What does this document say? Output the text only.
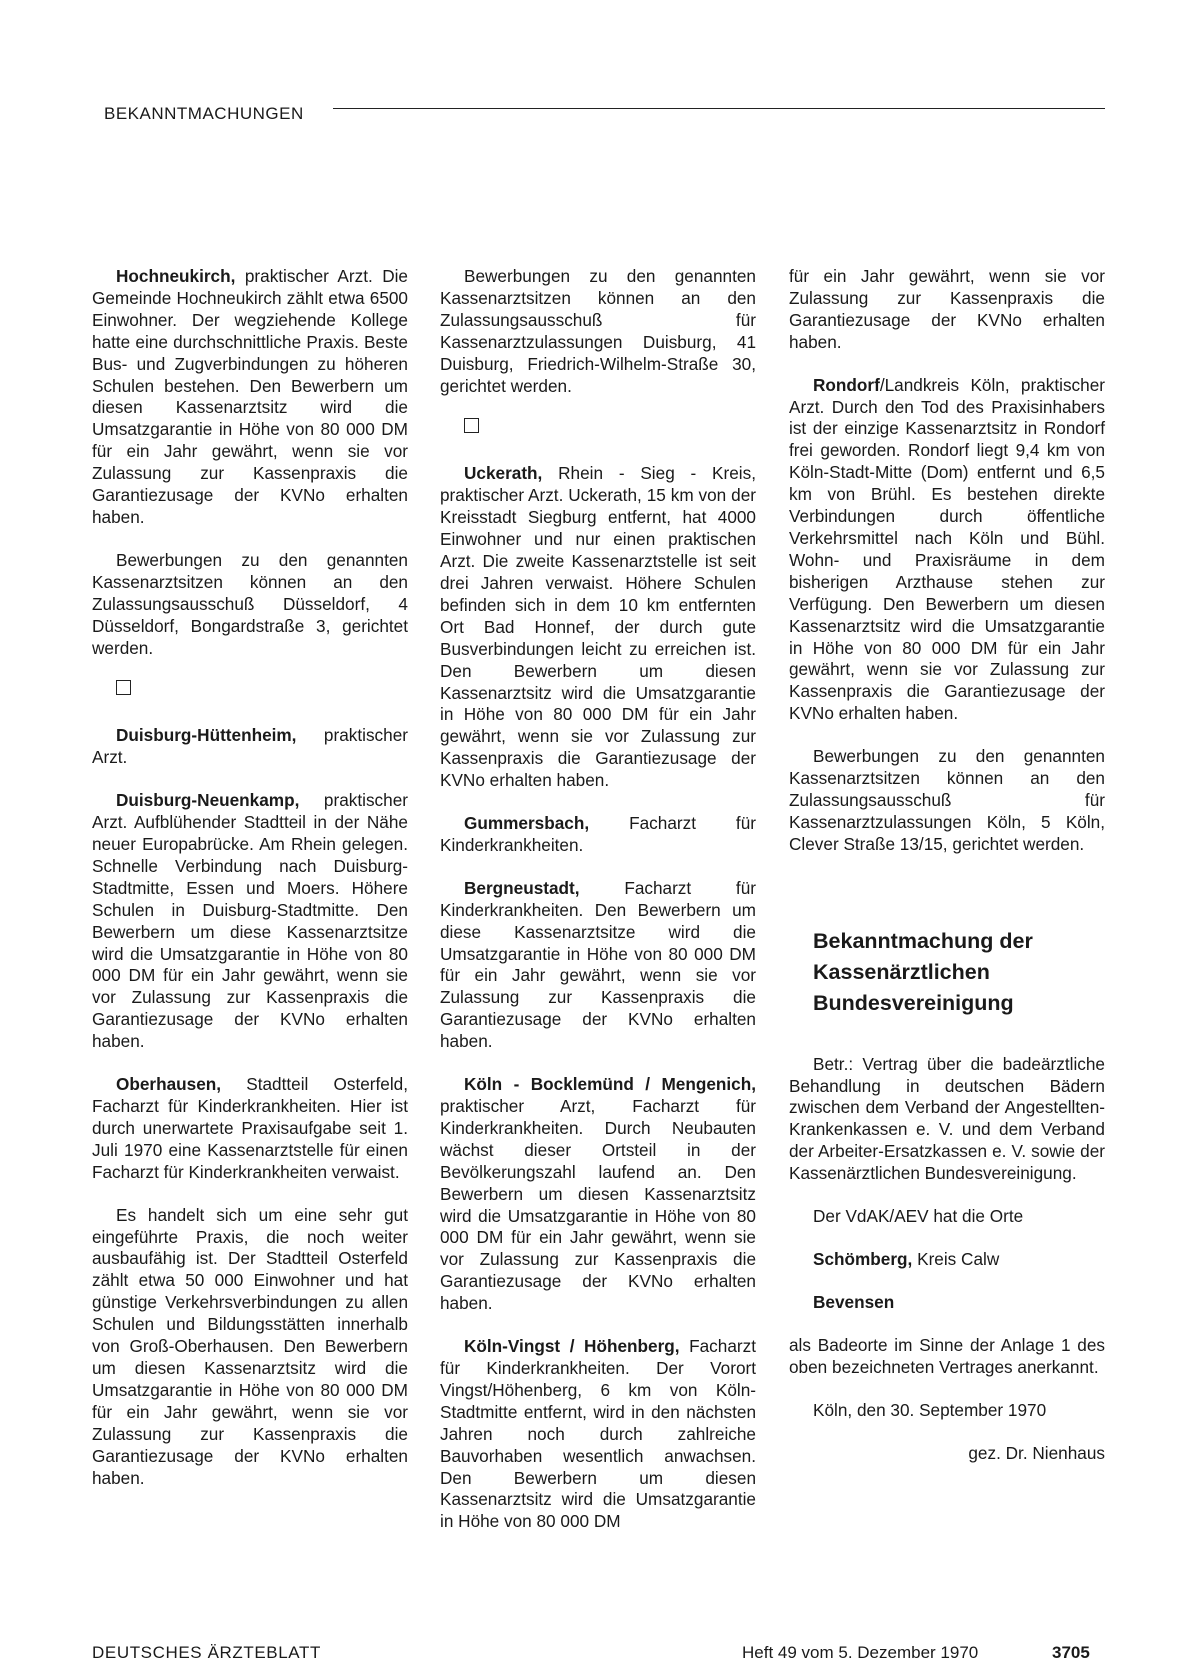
BEKANNTMACHUNGEN

Hochneukirch, praktischer Arzt. Die Gemeinde Hochneukirch zählt etwa 6500 Einwohner. Der wegziehende Kollege hatte eine durchschnittliche Praxis. Beste Bus- und Zugverbindungen zu höheren Schulen bestehen. Den Bewerbern um diesen Kassenarztsitz wird die Umsatzgarantie in Höhe von 80 000 DM für ein Jahr gewährt, wenn sie vor Zulassung zur Kassenpraxis die Garantiezusage der KVNo erhalten haben.

Bewerbungen zu den genannten Kassenarztsitzen können an den Zulassungsausschuß Düsseldorf, 4 Düsseldorf, Bongardstraße 3, gerichtet werden.

Duisburg-Hüttenheim, praktischer Arzt.

Duisburg-Neuenkamp, praktischer Arzt. Aufblühender Stadtteil in der Nähe neuer Europabrücke. Am Rhein gelegen. Schnelle Verbindung nach Duisburg-Stadtmitte, Essen und Moers. Höhere Schulen in Duisburg-Stadtmitte. Den Bewerbern um diese Kassenarztsitze wird die Umsatzgarantie in Höhe von 80 000 DM für ein Jahr gewährt, wenn sie vor Zulassung zur Kassenpraxis die Garantiezusage der KVNo erhalten haben.

Oberhausen, Stadtteil Osterfeld, Facharzt für Kinderkrankheiten. Hier ist durch unerwartete Praxisaufgabe seit 1. Juli 1970 eine Kassenarztstelle für einen Facharzt für Kinderkrankheiten verwaist.

Es handelt sich um eine sehr gut eingeführte Praxis, die noch weiter ausbaufähig ist. Der Stadtteil Osterfeld zählt etwa 50 000 Einwohner und hat günstige Verkehrsverbindungen zu allen Schulen und Bildungsstätten innerhalb von Groß-Oberhausen. Den Bewerbern um diesen Kassenarztsitz wird die Umsatzgarantie in Höhe von 80 000 DM für ein Jahr gewährt, wenn sie vor Zulassung zur Kassenpraxis die Garantiezusage der KVNo erhalten haben.

Bewerbungen zu den genannten Kassenarztsitzen können an den Zulassungsausschuß für Kassenarztzulassungen Duisburg, 41 Duisburg, Friedrich-Wilhelm-Straße 30, gerichtet werden.

Uckerath, Rhein - Sieg - Kreis, praktischer Arzt. Uckerath, 15 km von der Kreisstadt Siegburg entfernt, hat 4000 Einwohner und nur einen praktischen Arzt. Die zweite Kassenarztstelle ist seit drei Jahren verwaist. Höhere Schulen befinden sich in dem 10 km entfernten Ort Bad Honnef, der durch gute Busverbindungen leicht zu erreichen ist. Den Bewerbern um diesen Kassenarztsitz wird die Umsatzgarantie in Höhe von 80 000 DM für ein Jahr gewährt, wenn sie vor Zulassung zur Kassenpraxis die Garantiezusage der KVNo erhalten haben.

Gummersbach, Facharzt für Kinderkrankheiten.

Bergneustadt, Facharzt für Kinderkrankheiten. Den Bewerbern um diese Kassenarztsitze wird die Umsatzgarantie in Höhe von 80 000 DM für ein Jahr gewährt, wenn sie vor Zulassung zur Kassenpraxis die Garantiezusage der KVNo erhalten haben.

Köln - Bocklemünd / Mengenich, praktischer Arzt, Facharzt für Kinderkrankheiten. Durch Neubauten wächst dieser Ortsteil in der Bevölkerungszahl laufend an. Den Bewerbern um diesen Kassenarztsitz wird die Umsatzgarantie in Höhe von 80 000 DM für ein Jahr gewährt, wenn sie vor Zulassung zur Kassenpraxis die Garantiezusage der KVNo erhalten haben.

Köln-Vingst / Höhenberg, Facharzt für Kinderkrankheiten. Der Vorort Vingst/Höhenberg, 6 km von Köln-Stadtmitte entfernt, wird in den nächsten Jahren noch durch zahlreiche Bauvorhaben wesentlich anwachsen. Den Bewerbern um diesen Kassenarztsitz wird die Umsatzgarantie in Höhe von 80 000 DM

für ein Jahr gewährt, wenn sie vor Zulassung zur Kassenpraxis die Garantiezusage der KVNo erhalten haben.

Rondorf/Landkreis Köln, praktischer Arzt. Durch den Tod des Praxisinhabers ist der einzige Kassenarztsitz in Rondorf frei geworden. Rondorf liegt 9,4 km von Köln-Stadt-Mitte (Dom) entfernt und 6,5 km von Brühl. Es bestehen direkte Verbindungen durch öffentliche Verkehrsmittel nach Köln und Bühl. Wohn- und Praxisräume in dem bisherigen Arzthause stehen zur Verfügung. Den Bewerbern um diesen Kassenarztsitz wird die Umsatzgarantie in Höhe von 80 000 DM für ein Jahr gewährt, wenn sie vor Zulassung zur Kassenpraxis die Garantiezusage der KVNo erhalten haben.

Bewerbungen zu den genannten Kassenarztsitzen können an den Zulassungsausschuß für Kassenarztzulassungen Köln, 5 Köln, Clever Straße 13/15, gerichtet werden.

Bekanntmachung der
Kassenärztlichen
Bundesvereinigung

Betr.: Vertrag über die badeärztliche Behandlung in deutschen Bädern zwischen dem Verband der Angestellten-Krankenkassen e. V. und dem Verband der Arbeiter-Ersatzkassen e. V. sowie der Kassenärztlichen Bundesvereinigung.

Der VdAK/AEV hat die Orte

Schömberg, Kreis Calw

Bevensen

als Badeorte im Sinne der Anlage 1 des oben bezeichneten Vertrages anerkannt.

Köln, den 30. September 1970

gez. Dr. Nienhaus

DEUTSCHES ÄRZTEBLATT	Heft 49 vom 5. Dezember 1970	3705
